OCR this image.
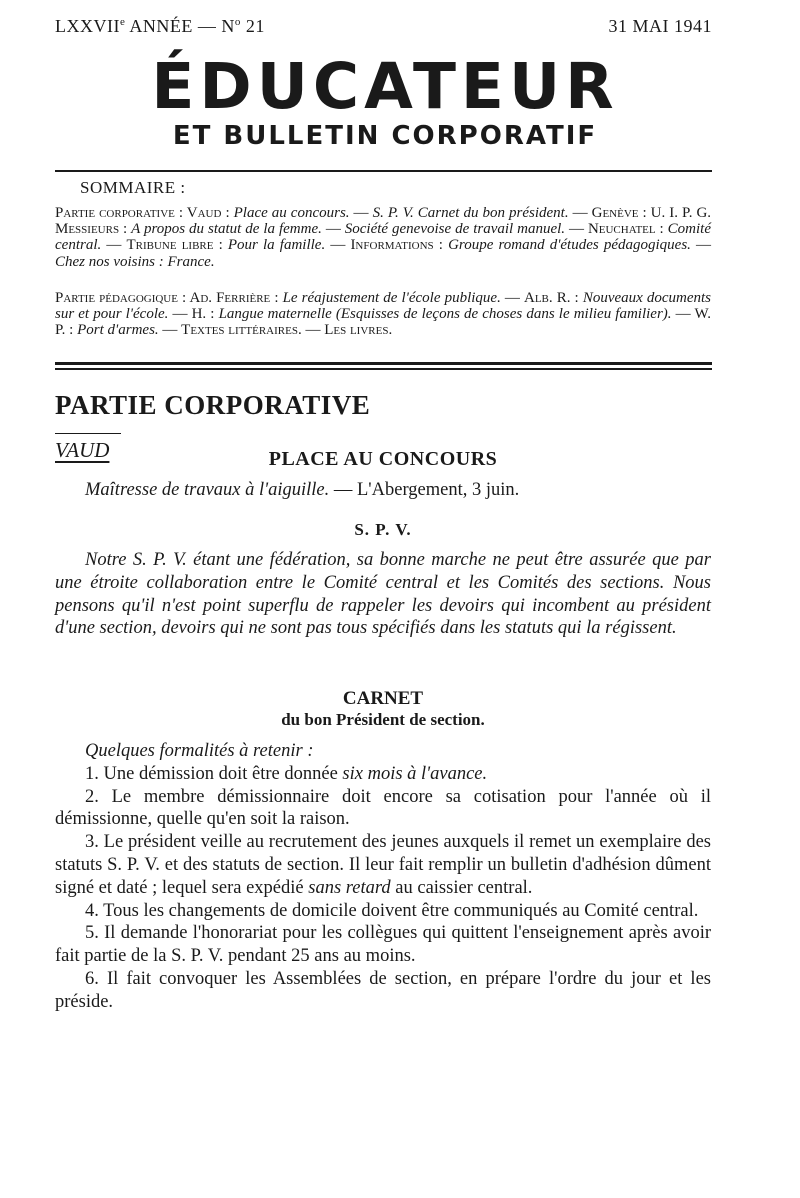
LXXVIIe ANNÉE — $N^o$ 21	31 MAI 1941
ÉDUCATEUR
ET BULLETIN CORPORATIF
SOMMAIRE :
Partie corporative : Vaud : Place au concours. — S. P. V. Carnet du bon président. — Genève : U. I. P. G. Messieurs : A propos du statut de la femme. — Société genevoise de travail manuel. — Neuchatel : Comité central. — Tribune libre : Pour la famille. — Informations : Groupe romand d'études pédagogiques. — Chez nos voisins : France.
Partie pédagogique : Ad. Ferrière : Le réajustement de l'école publique. — Alb. R. : Nouveaux documents sur et pour l'école. — H. : Langue maternelle (Esquisses de leçons de choses dans le milieu familier). — W. P. : Port d'armes. — Textes littéraires. — Les livres.
PARTIE CORPORATIVE
VAUD	PLACE AU CONCOURS

Maîtresse de travaux à l'aiguille. — L'Abergement, 3 juin.

S. P. V.

Notre S. P. V. étant une fédération, sa bonne marche ne peut être assurée que par une étroite collaboration entre le Comité central et les Comités des sections. Nous pensons qu'il n'est point superflu de rappeler les devoirs qui incombent au président d'une section, devoirs qui ne sont pas tous spécifiés dans les statuts qui la régissent.

CARNET
du bon Président de section.

Quelques formalités à retenir :

1. Une démission doit être donnée six mois à l'avance.

2. Le membre démissionnaire doit encore sa cotisation pour l'année où il démissionne, quelle qu'en soit la raison.

3. Le président veille au recrutement des jeunes auxquels il remet un exemplaire des statuts S. P. V. et des statuts de section. Il leur fait remplir un bulletin d'adhésion dûment signé et daté ; lequel sera expédié sans retard au caissier central.

4. Tous les changements de domicile doivent être communiqués au Comité central.

5. Il demande l'honorariat pour les collègues qui quittent l'enseignement après avoir fait partie de la S. P. V. pendant 25 ans au moins.

6. Il fait convoquer les Assemblées de section, en prépare l'ordre du jour et les préside.
